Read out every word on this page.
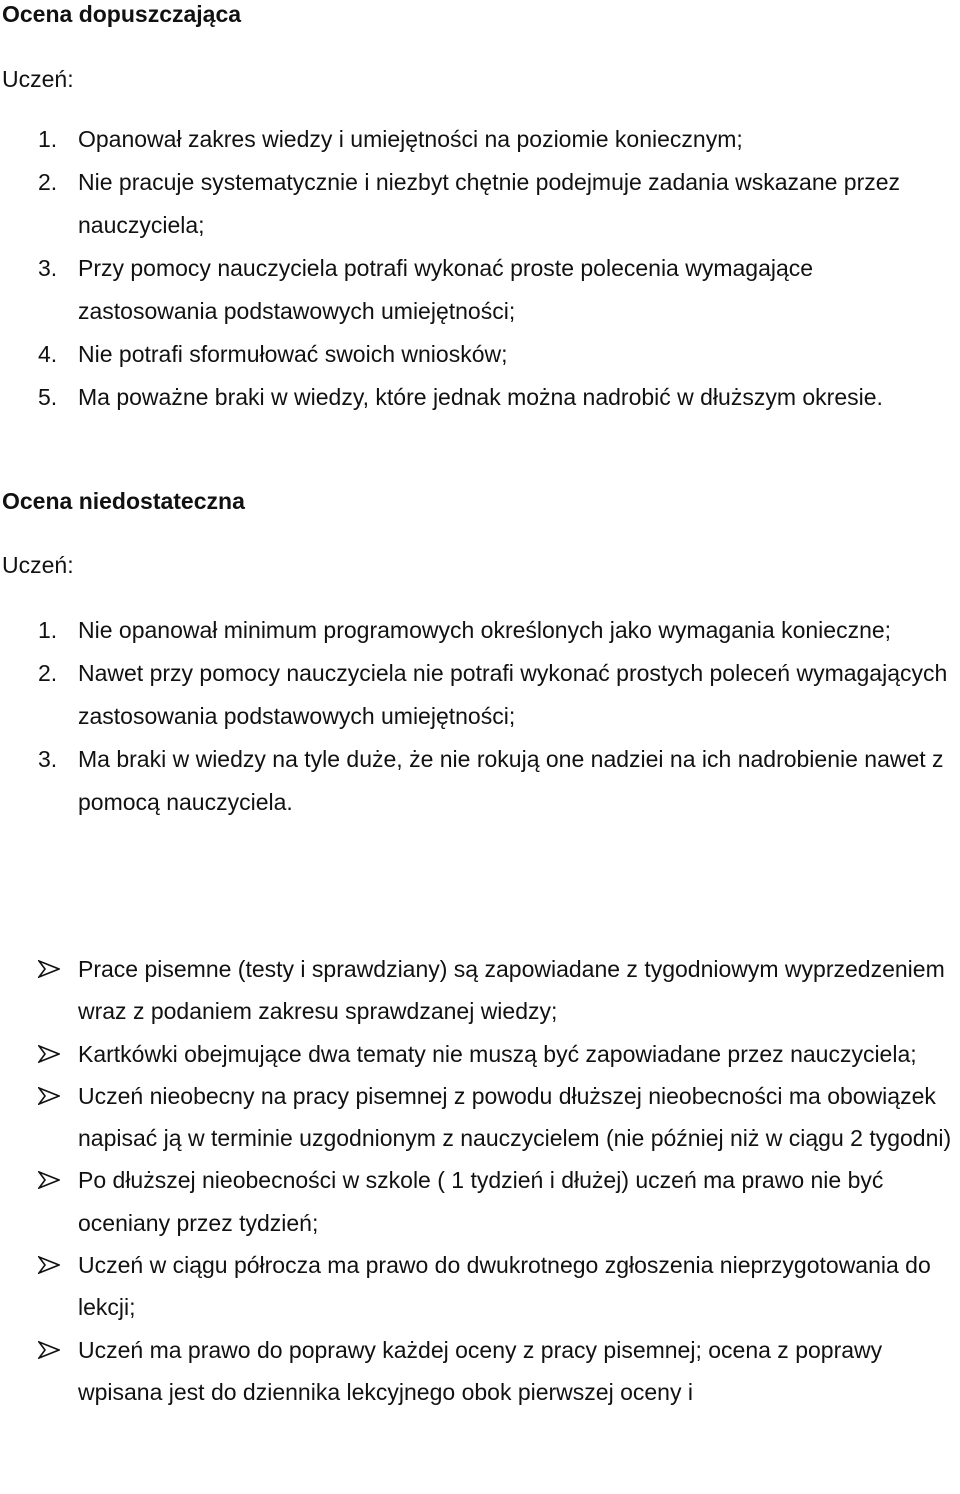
Ocena dopuszczająca
Uczeń:
1. Opanował zakres wiedzy i umiejętności na poziomie koniecznym;
2. Nie pracuje systematycznie i niezbyt chętnie podejmuje zadania wskazane przez nauczyciela;
3. Przy pomocy nauczyciela potrafi wykonać proste polecenia wymagające zastosowania podstawowych umiejętności;
4. Nie potrafi sformułować swoich wniosków;
5. Ma poważne braki w wiedzy, które jednak można nadrobić w dłuższym okresie.
Ocena niedostateczna
Uczeń:
1. Nie opanował minimum programowych określonych jako wymagania konieczne;
2. Nawet przy pomocy nauczyciela nie potrafi wykonać prostych poleceń wymagających zastosowania podstawowych umiejętności;
3. Ma braki w wiedzy na tyle duże, że nie rokują one nadziei na ich nadrobienie nawet z pomocą nauczyciela.
Prace pisemne (testy i sprawdziany) są zapowiadane z tygodniowym wyprzedzeniem wraz z podaniem zakresu sprawdzanej wiedzy;
Kartkówki obejmujące dwa tematy nie muszą być zapowiadane przez nauczyciela;
Uczeń nieobecny na pracy pisemnej z powodu dłuższej nieobecności ma obowiązek napisać ją w terminie uzgodnionym z nauczycielem (nie później niż w ciągu 2 tygodni)
Po dłuższej nieobecności w szkole ( 1 tydzień i dłużej) uczeń ma prawo nie być oceniany przez tydzień;
Uczeń w ciągu półrocza ma prawo do dwukrotnego zgłoszenia nieprzygotowania do lekcji;
Uczeń ma prawo do poprawy każdej oceny z pracy pisemnej; ocena z poprawy wpisana jest do dziennika lekcyjnego obok pierwszej oceny i
